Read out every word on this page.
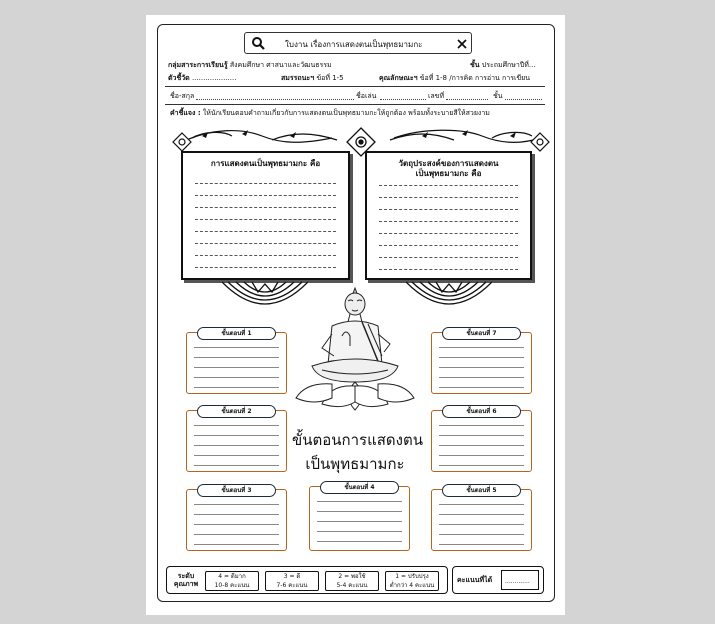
ใบงาน เรื่องการแสดงตนเป็นพุทธมามกะ
กลุ่มสาระการเรียนรู้ สังคมศึกษา ศาสนาและวัฒนธรรม	ชั้น ประถมศึกษาปีที่...
ตัวชี้วัด ....................	สมรรถนะฯ ข้อที่ 1-5	คุณลักษณะฯ ข้อที่ 1-8 /การคิด การอ่าน การเขียน
ชื่อ-สกุล	ชื่อเล่น	เลขที่	ชั้น
คำชี้แจง : ให้นักเรียนตอบคำถามเกี่ยวกับการแสดงตนเป็นพุทธมามกะให้ถูกต้อง พร้อมทั้งระบายสีให้สวยงาม
การแสดงตนเป็นพุทธมามกะ คือ	วัตถุประสงค์ของการแสดงตน
เป็นพุทธมามกะ คือ
ขั้นตอนการแสดงตน
เป็นพุทธมามกะ
ขั้นตอนที่ 1
ขั้นตอนที่ 2
ขั้นตอนที่ 3	ขั้นตอนที่ 4	ขั้นตอนที่ 5
ขั้นตอนที่ 6
ขั้นตอนที่ 7
ระดับ
คุณภาพ
4 = ดีมาก
10-8 คะแนน
3 = ดี
7-6 คะแนน
2 = พอใช้
5-4 คะแนน
1 = ปรับปรุง
ต่ำกว่า 4 คะแนน
คะแนนที่ได้ .............
